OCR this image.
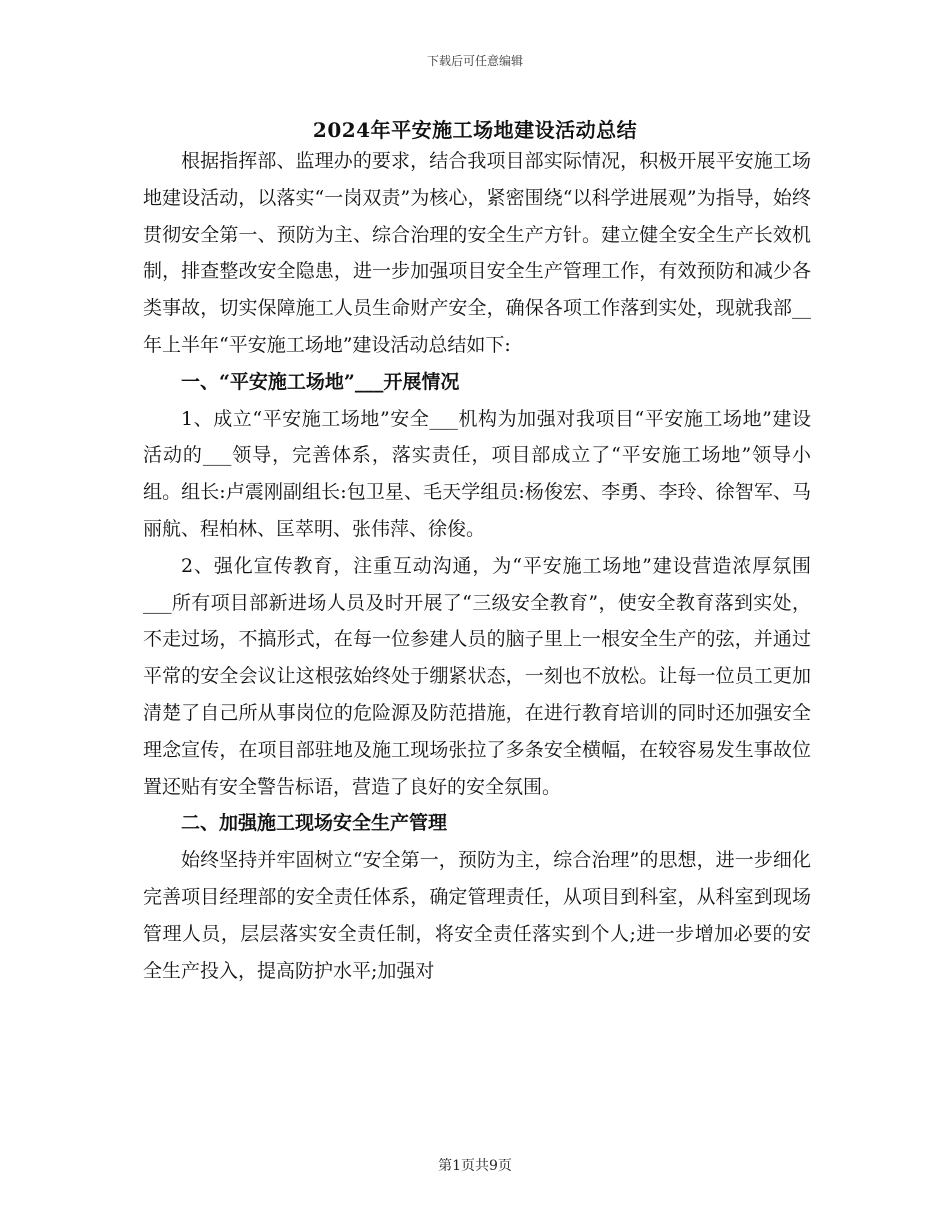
下载后可任意编辑
2024年平安施工场地建设活动总结

根据指挥部、监理办的要求，结合我项目部实际情况，积极开展平安施工场地建设活动，以落实“一岗双责”为核心，紧密围绕“以科学进展观”为指导，始终贯彻安全第一、预防为主、综合治理的安全生产方针。建立健全安全生产长效机制，排查整改安全隐患，进一步加强项目安全生产管理工作，有效预防和减少各类事故，切实保障施工人员生命财产安全，确保各项工作落到实处，现就我部__年上半年“平安施工场地”建设活动总结如下:

一、“平安施工场地”___开展情况

1、成立“平安施工场地”安全___机构为加强对我项目“平安施工场地”建设活动的___领导，完善体系，落实责任，项目部成立了“平安施工场地”领导小组。组长:卢震刚副组长:包卫星、毛天学组员:杨俊宏、李勇、李玲、徐智军、马丽航、程柏林、匡萃明、张伟萍、徐俊。

2、强化宣传教育，注重互动沟通，为“平安施工场地”建设营造浓厚氛围___所有项目部新进场人员及时开展了“三级安全教育”，使安全教育落到实处，不走过场，不搞形式，在每一位参建人员的脑子里上一根安全生产的弦，并通过平常的安全会议让这根弦始终处于绷紧状态，一刻也不放松。让每一位员工更加清楚了自己所从事岗位的危险源及防范措施，在进行教育培训的同时还加强安全理念宣传，在项目部驻地及施工现场张拉了多条安全横幅，在较容易发生事故位置还贴有安全警告标语，营造了良好的安全氛围。

二、加强施工现场安全生产管理

始终坚持并牢固树立“安全第一，预防为主，综合治理”的思想，进一步细化完善项目经理部的安全责任体系，确定管理责任，从项目到科室，从科室到现场管理人员，层层落实安全责任制，将安全责任落实到个人;进一步增加必要的安全生产投入，提高防护水平;加强对

第1页共9页
